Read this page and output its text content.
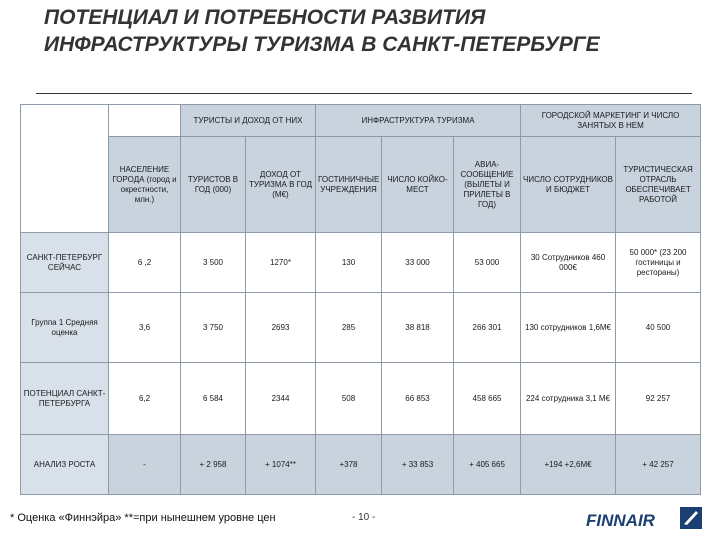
ПОТЕНЦИАЛ И ПОТРЕБНОСТИ РАЗВИТИЯ ИНФРАСТРУКТУРЫ ТУРИЗМА В САНКТ-ПЕТЕРБУРГЕ
		ТУРИСТЫ И ДОХОД ОТ НИХ		ИНФРАСТРУКТУРА ТУРИЗМА			ГОРОДСКОЙ МАРКЕТИНГ И ЧИСЛО ЗАНЯТЫХ В НЕМ	
	НАСЕЛЕНИЕ ГОРОДА (город и окрестности, млн.)	ТУРИСТОВ В ГОД (000)	ДОХОД ОТ ТУРИЗМА В ГОД (М€)	ГОСТИНИЧНЫЕ УЧРЕЖДЕНИЯ	ЧИСЛО КОЙКО-МЕСТ	АВИА-СООБЩЕНИЕ (ВЫЛЕТЫ И ПРИЛЕТЫ В ГОД)	ЧИСЛО СОТРУДНИКОВ И БЮДЖЕТ	ТУРИСТИЧЕСКАЯ ОТРАСЛЬ ОБЕСПЕЧИВАЕТ РАБОТОЙ
САНКТ-ПЕТЕРБУРГ СЕЙЧАС	6 ,2	3 500	1270*	130	33 000	53 000	30 Сотрудников 460 000€	50 000* (23 200 гостиницы и рестораны)
Группа 1 Средняя оценка	3,6	3 750	2693	285	38 818	266 301	130 сотрудников 1,6М€	40 500
ПОТЕНЦИАЛ САНКТ-ПЕТЕРБУРГА	6,2	6 584	2344	508	66 853	458 665	224 сотрудника 3,1 М€	92 257
АНАЛИЗ РОСТА	-	+ 2 958	+ 1074**	+378	+ 33 853	+ 405 665	+194 +2,6М€	+ 42 257
* Оценка «Финнэйра» **=при нынешнем уровне цен	- 10 -	FINNAIR
